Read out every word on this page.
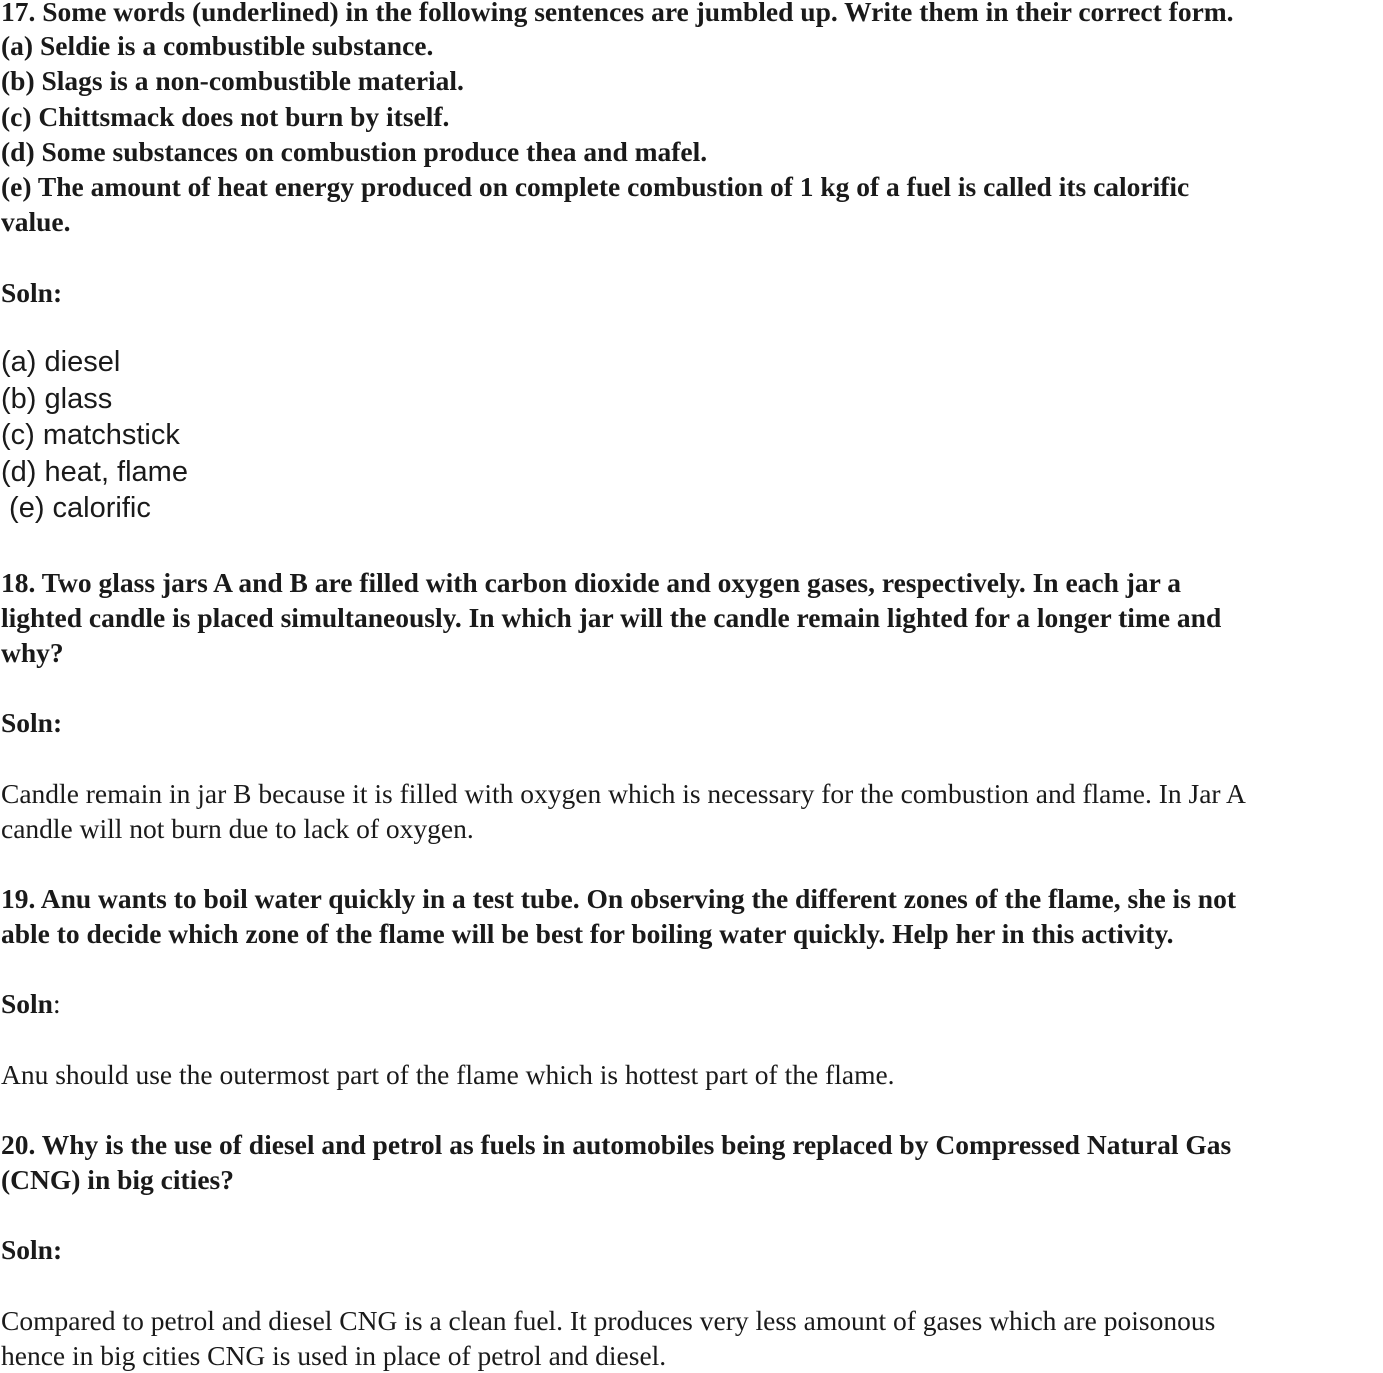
17. Some words (underlined) in the following sentences are jumbled up. Write them in their correct form.
(a) Seldie is a combustible substance.
(b) Slags is a non-combustible material.
(c) Chittsmack does not burn by itself.
(d) Some substances on combustion produce thea and mafel.
(e) The amount of heat energy produced on complete combustion of 1 kg of a fuel is called its calorific
value.
Soln:
(a) diesel
(b) glass
(c) matchstick
(d) heat, flame
(e) calorific
18. Two glass jars A and B are filled with carbon dioxide and oxygen gases, respectively. In each jar a
lighted candle is placed simultaneously. In which jar will the candle remain lighted for a longer time and
why?
Soln:
Candle remain in jar B because it is filled with oxygen which is necessary for the combustion and flame. In Jar A
candle will not burn due to lack of oxygen.
19. Anu wants to boil water quickly in a test tube. On observing the different zones of the flame, she is not
able to decide which zone of the flame will be best for boiling water quickly. Help her in this activity.
Soln:
Anu should use the outermost part of the flame which is hottest part of the flame.
20. Why is the use of diesel and petrol as fuels in automobiles being replaced by Compressed Natural Gas
(CNG) in big cities?
Soln:
Compared to petrol and diesel CNG is a clean fuel. It produces very less amount of gases which are poisonous
hence in big cities CNG is used in place of petrol and diesel.
